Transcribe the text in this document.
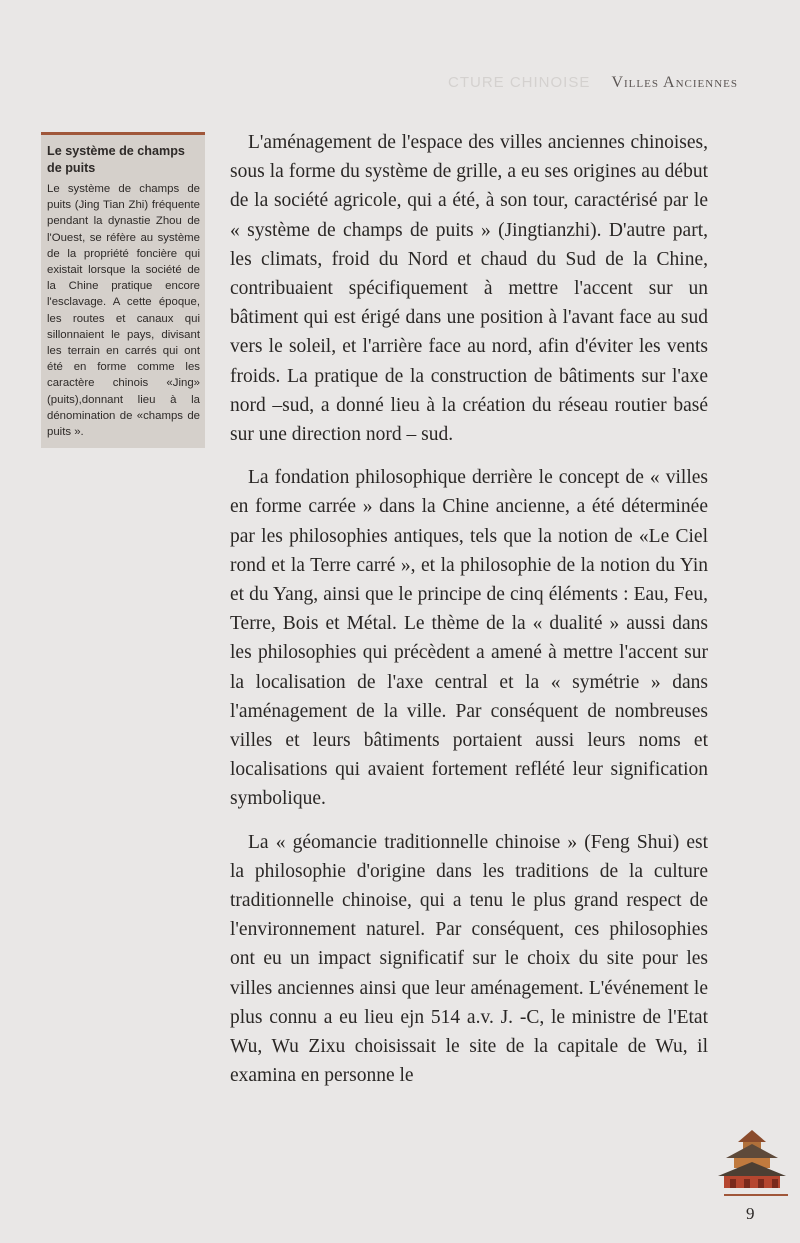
CTURE CHINOISE Villes Anciennes

Le système de champs de puits

Le système de champs de puits (Jing Tian Zhi) fréquente pendant la dynastie Zhou de l'Ouest, se réfère au système de la propriété foncière qui existait lorsque la société de la Chine pratique encore l'esclavage. A cette époque, les routes et canaux qui sillonnaient le pays, divisant les terrain en carrés qui ont été en forme comme les caractère chinois «Jing» (puits),donnant lieu à la dénomination de «champs de puits ».

L'aménagement de l'espace des villes anciennes chinoises, sous la forme du système de grille, a eu ses origines au début de la société agricole, qui a été, à son tour, caractérisé par le « système de champs de puits » (Jingtianzhi). D'autre part, les climats, froid du Nord et chaud du Sud de la Chine, contribuaient spécifiquement à mettre l'accent sur un bâtiment qui est érigé dans une position à l'avant face au sud vers le soleil, et l'arrière face au nord, afin d'éviter les vents froids. La pratique de la construction de bâtiments sur l'axe nord –sud, a donné lieu à la création du réseau routier basé sur une direction nord – sud.

La fondation philosophique derrière le concept de « villes en forme carrée » dans la Chine ancienne, a été déterminée par les philosophies antiques, tels que la notion de «Le Ciel rond et la Terre carré », et la philosophie de la notion du Yin et du Yang, ainsi que le principe de cinq éléments : Eau, Feu, Terre, Bois et Métal. Le thème de la « dualité » aussi dans les philosophies qui précèdent a amené à mettre l'accent sur la localisation de l'axe central et la « symétrie » dans l'aménagement de la ville. Par conséquent de nombreuses villes et leurs bâtiments portaient aussi leurs noms et localisations qui avaient fortement reflété leur signification symbolique.

La « géomancie traditionnelle chinoise » (Feng Shui) est la philosophie d'origine dans les traditions de la culture traditionnelle chinoise, qui a tenu le plus grand respect de l'environnement naturel. Par conséquent, ces philosophies ont eu un impact significatif sur le choix du site pour les villes anciennes ainsi que leur aménagement. L'événement le plus connu a eu lieu ejn 514 a.v. J. -C, le ministre de l'Etat Wu, Wu Zixu choisissait le site de la capitale de Wu, il examina en personne le

9
